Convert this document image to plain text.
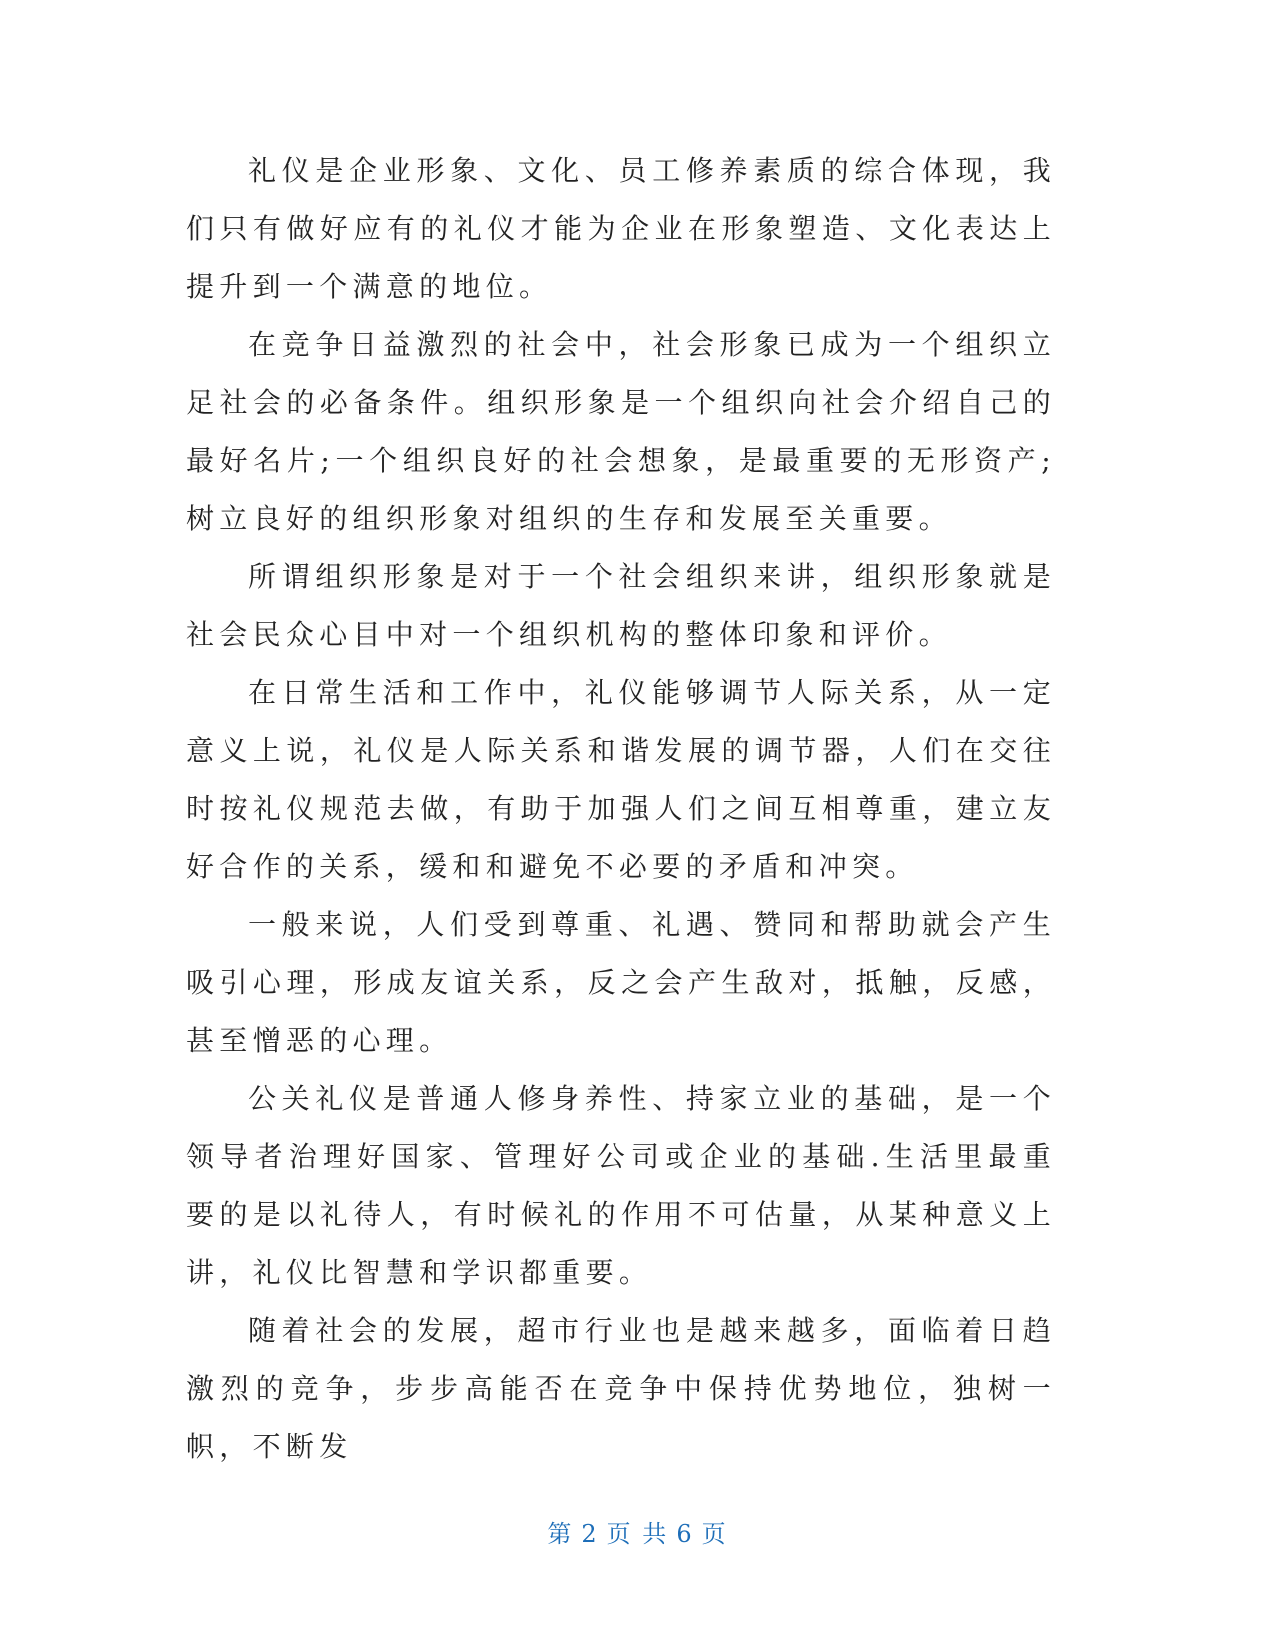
礼仪是企业形象、文化、员工修养素质的综合体现，我们只有做好应有的礼仪才能为企业在形象塑造、文化表达上提升到一个满意的地位。

在竞争日益激烈的社会中，社会形象已成为一个组织立足社会的必备条件。组织形象是一个组织向社会介绍自己的最好名片;一个组织良好的社会想象，是最重要的无形资产;树立良好的组织形象对组织的生存和发展至关重要。

所谓组织形象是对于一个社会组织来讲，组织形象就是社会民众心目中对一个组织机构的整体印象和评价。

在日常生活和工作中，礼仪能够调节人际关系，从一定意义上说，礼仪是人际关系和谐发展的调节器，人们在交往时按礼仪规范去做，有助于加强人们之间互相尊重，建立友好合作的关系，缓和和避免不必要的矛盾和冲突。

一般来说，人们受到尊重、礼遇、赞同和帮助就会产生吸引心理，形成友谊关系，反之会产生敌对，抵触，反感，甚至憎恶的心理。

公关礼仪是普通人修身养性、持家立业的基础，是一个领导者治理好国家、管理好公司或企业的基础.生活里最重要的是以礼待人，有时候礼的作用不可估量，从某种意义上讲，礼仪比智慧和学识都重要。

随着社会的发展，超市行业也是越来越多，面临着日趋激烈的竞争，步步高能否在竞争中保持优势地位，独树一帜，不断发

第 2 页 共 6 页
